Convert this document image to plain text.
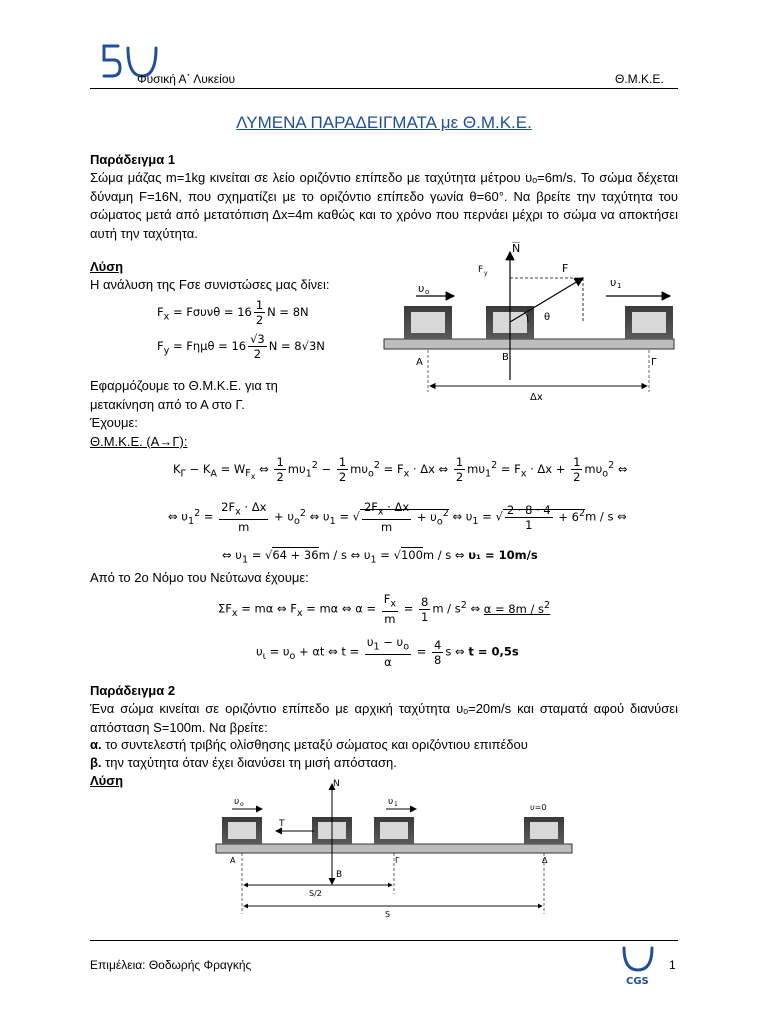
Φυσική Α΄ Λυκείου	Θ.Μ.Κ.Ε.
ΛΥΜΕΝΑ ΠΑΡΑΔΕΙΓΜΑΤΑ με Θ.Μ.Κ.Ε.
Παράδειγμα 1
Σώμα μάζας m=1kg κινείται σε λείο οριζόντιο επίπεδο με ταχύτητα μέτρου υₒ=6m/s. Το σώμα δέχεται δύναμη F=16N, που σχηματίζει με το οριζόντιο επίπεδο γωνία θ=60°. Να βρείτε την ταχύτητα του σώματος μετά από μετατόπιση Δx=4m καθώς και το χρόνο που περνάει μέχρι το σώμα να αποκτήσει αυτή την ταχύτητα.
Λύση
Η ανάλυση της Fσε συνιστώσες μας δίνει:
$F_x = F\sigma\upsilon\nu\theta = 16 \frac{1}{2}$ N = 8N
$F_y = F\eta\mu\theta = 16 \frac{√3}{2}$ N = 8√3N
N
F
F y
θ
υ o
υ 1
Α	Β	Γ
Δx
Εφαρμόζουμε το Θ.Μ.Κ.Ε. για τη
μετακίνηση από το Α στο Γ.
Έχουμε:
Θ.Μ.Κ.Ε. (Α→Γ):
$K_\Gamma - K_A = W_{F_x}$ ⇔ $\frac{1}{2} m\upsilon_1^2 - \frac{1}{2} m\upsilon_o^2 = F_x \cdot \Delta x$ ⇔ $\frac{1}{2} m\upsilon_1^2 = F_x \cdot \Delta x + \frac{1}{2} m\upsilon_o^2$ ⇔
⇔ $\upsilon_1^2 = \frac{2F_x \cdot \Delta x}{m} + \upsilon_o^2$ ⇔ $\upsilon_1$ = √ $\frac{2F_x \cdot \Delta x}{m} + \upsilon_o^2$ ⇔ $\upsilon_1$ = √ $\frac{2 \cdot 8 \cdot 4}{1} + 6^2m / s$ ⇔
⇔ $\upsilon_1 = √64 + 36m / s$ ⇔ $\upsilon_1 = √100m / s$ ⇔ υ₁ = 10m/s
Από το 2ο Νόμο του Νεύτωνα έχουμε:
$\Sigma F_x = m\alpha$ ⇔ $F_x = m\alpha$ ⇔ $\alpha = \frac{F_x}{m} = \frac{8}{1}$ m / $s^2$ ⇔ $\alpha = 8m / s^2$
$\upsilon_\iota = \upsilon_o + \alpha t$ ⇔ $t = \frac{\upsilon_1 - \upsilon_o}{\alpha} = \frac{4}{8}$ s ⇔ t = 0,5s
Παράδειγμα 2
Ένα σώμα κινείται σε οριζόντιο επίπεδο με αρχική ταχύτητα υₒ=20m/s και σταματά αφού διανύσει απόσταση S=100m. Να βρείτε:
α. το συντελεστή τριβής ολίσθησης μεταξύ σώματος και οριζόντιου επιπέδου
β. την ταχύτητα όταν έχει διανύσει τη μισή απόσταση.
Λύση
υ o	υ 1	υ=0
N
B
T
Α	Γ	Δ
S/2
S
Επιμέλεια: Θοδωρής Φραγκής
CGS
1
